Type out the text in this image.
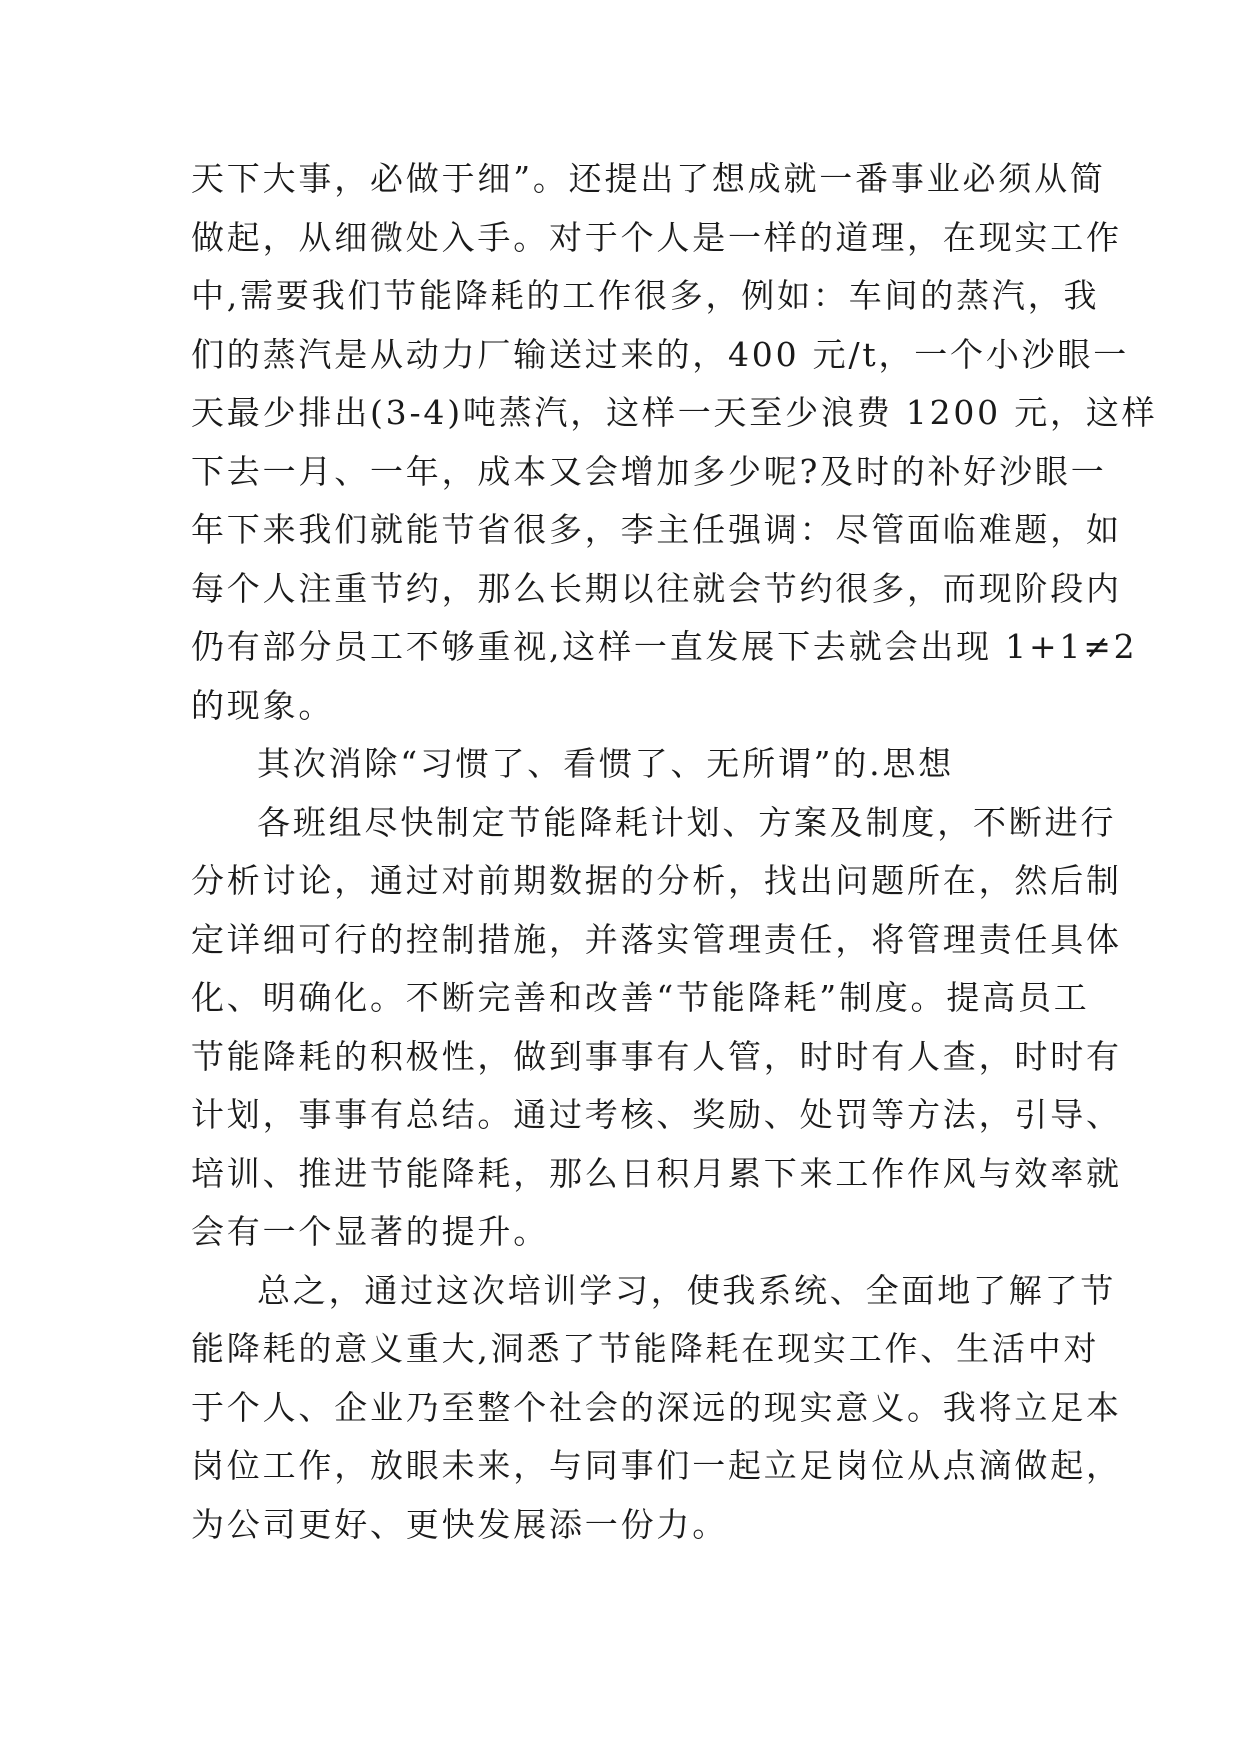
天下大事，必做于细”。还提出了想成就一番事业必须从简
做起，从细微处入手。对于个人是一样的道理，在现实工作
中,需要我们节能降耗的工作很多，例如：车间的蒸汽，我
们的蒸汽是从动力厂输送过来的，400 元/t，一个小沙眼一
天最少排出(3-4)吨蒸汽，这样一天至少浪费 1200 元，这样
下去一月、一年，成本又会增加多少呢?及时的补好沙眼一
年下来我们就能节省很多，李主任强调：尽管面临难题，如
每个人注重节约，那么长期以往就会节约很多，而现阶段内
仍有部分员工不够重视,这样一直发展下去就会出现 1+1≠2
的现象。
其次消除“习惯了、看惯了、无所谓”的.思想
各班组尽快制定节能降耗计划、方案及制度，不断进行
分析讨论，通过对前期数据的分析，找出问题所在，然后制
定详细可行的控制措施，并落实管理责任，将管理责任具体
化、明确化。不断完善和改善“节能降耗”制度。提高员工
节能降耗的积极性，做到事事有人管，时时有人查，时时有
计划，事事有总结。通过考核、奖励、处罚等方法，引导、
培训、推进节能降耗，那么日积月累下来工作作风与效率就
会有一个显著的提升。
总之，通过这次培训学习，使我系统、全面地了解了节
能降耗的意义重大,洞悉了节能降耗在现实工作、生活中对
于个人、企业乃至整个社会的深远的现实意义。我将立足本
岗位工作，放眼未来，与同事们一起立足岗位从点滴做起，
为公司更好、更快发展添一份力。
